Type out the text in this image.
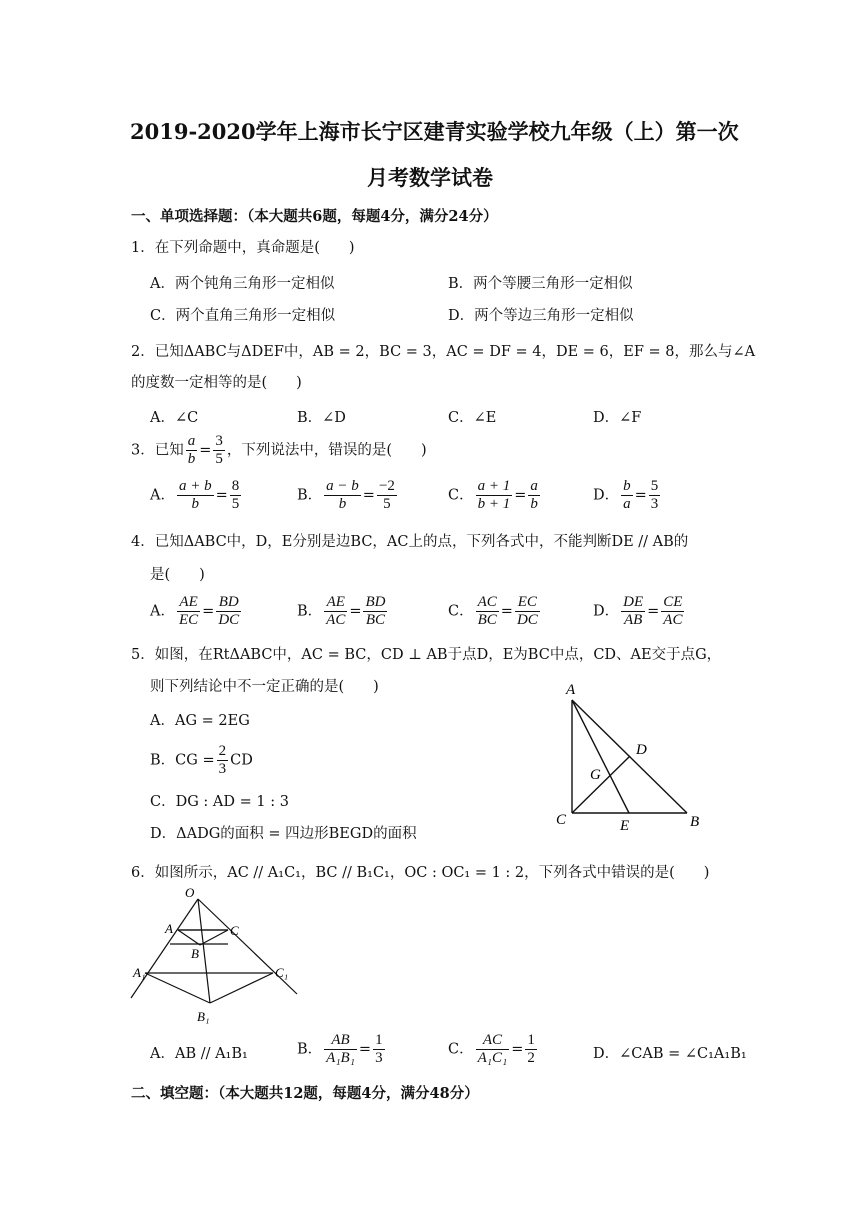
2019-2020学年上海市长宁区建青实验学校九年级（上）第一次
月考数学试卷
一、单项选择题：（本大题共6题，每题4分，满分24分）
1．在下列命题中，真命题是(　　)
A．两个钝角三角形一定相似	B．两个等腰三角形一定相似
C．两个直角三角形一定相似	D．两个等边三角形一定相似
2．已知ΔABC与ΔDEF中，AB = 2，BC = 3，AC = DF = 4，DE = 6，EF = 8，那么与∠A
的度数一定相等的是(　　)
A．∠C	B．∠D	C．∠E	D．∠F
3．已知 $\frac{a}{b} = \frac{3}{5}$ ，下列说法中，错误的是(　　)
A． $\frac{a + b}{b} = \frac{8}{5}$	B． $\frac{a - b}{b} = \frac{-2}{5}$	C． $\frac{a + 1}{b + 1} = \frac{a}{b}$	D． $\frac{b}{a} = \frac{5}{3}$
4．已知ΔABC中，D，E分别是边BC，AC上的点，下列各式中，不能判断DE // AB的
是(　　)
A． $\frac{AE}{EC} = \frac{BD}{DC}$	B． $\frac{AE}{AC} = \frac{BD}{BC}$	C． $\frac{AC}{BC} = \frac{EC}{DC}$	D． $\frac{DE}{AB} = \frac{CE}{AC}$
5．如图，在RtΔABC中，AC = BC，CD ⊥ AB于点D，E为BC中点，CD、AE交于点G，
则下列结论中不一定正确的是(　　)
A．AG = 2EG
B．CG = $\frac{2}{3}$ CD
C．DG : AD = 1 : 3
D．ΔADG的面积 = 四边形BEGD的面积
A
B
C
D
E
G
6．如图所示，AC // A₁C₁，BC // B₁C₁，OC : OC₁ = 1 : 2，下列各式中错误的是(　　)
O
A
B
C
A₁
B₁
C₁
A．AB // A₁B₁	B． $\frac{AB}{\text{A₁B₁}} = \frac{1}{3}$	C． $\frac{AC}{\text{A₁C₁}} = \frac{1}{2}$	D．∠CAB = ∠C₁A₁B₁
二、填空题：（本大题共12题，每题4分，满分48分）
